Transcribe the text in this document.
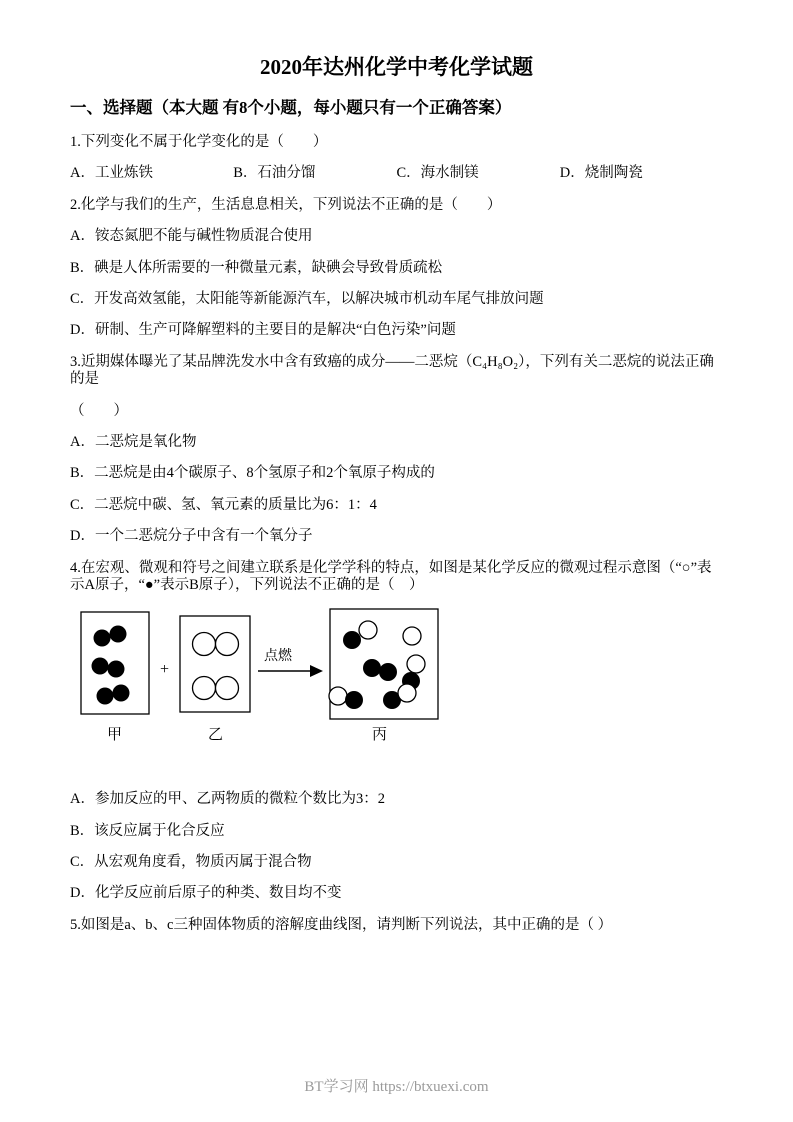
2020年达州化学中考化学试题
一、选择题（本大题 有8个小题，每小题只有一个正确答案）

1.下列变化不属于化学变化的是（　　）

A．工业炼铁	B．石油分馏	C．海水制镁	D．烧制陶瓷

2.化学与我们的生产，生活息息相关，下列说法不正确的是（　　）

A．铵态氮肥不能与碱性物质混合使用

B．碘是人体所需要的一种微量元素，缺碘会导致骨质疏松

C．开发高效氢能，太阳能等新能源汽车，以解决城市机动车尾气排放问题

D．研制、生产可降解塑料的主要目的是解决“白色污染”问题

3.近期媒体曝光了某品牌洗发水中含有致癌的成分――二恶烷（C₄H₈O₂），下列有关二恶烷的说法正确的是

（　　）

A．二恶烷是氧化物

B．二恶烷是由4个碳原子、8个氢原子和2个氧原子构成的

C．二恶烷中碳、氢、氧元素的质量比为6：1：4

D．一个二恶烷分子中含有一个氧分子

4.在宏观、微观和符号之间建立联系是化学学科的特点，如图是某化学反应的微观过程示意图（“○”表示A原子，“●”表示B原子），下列说法不正确的是（　）

甲
+
乙
点燃
丙

A．参加反应的甲、乙两物质的微粒个数比为3：2

B．该反应属于化合反应

C．从宏观角度看，物质丙属于混合物

D．化学反应前后原子的种类、数目均不变

5.如图是a、b、c三种固体物质的溶解度曲线图，请判断下列说法，其中正确的是（ ）

BT学习网 https://btxuexi.com
